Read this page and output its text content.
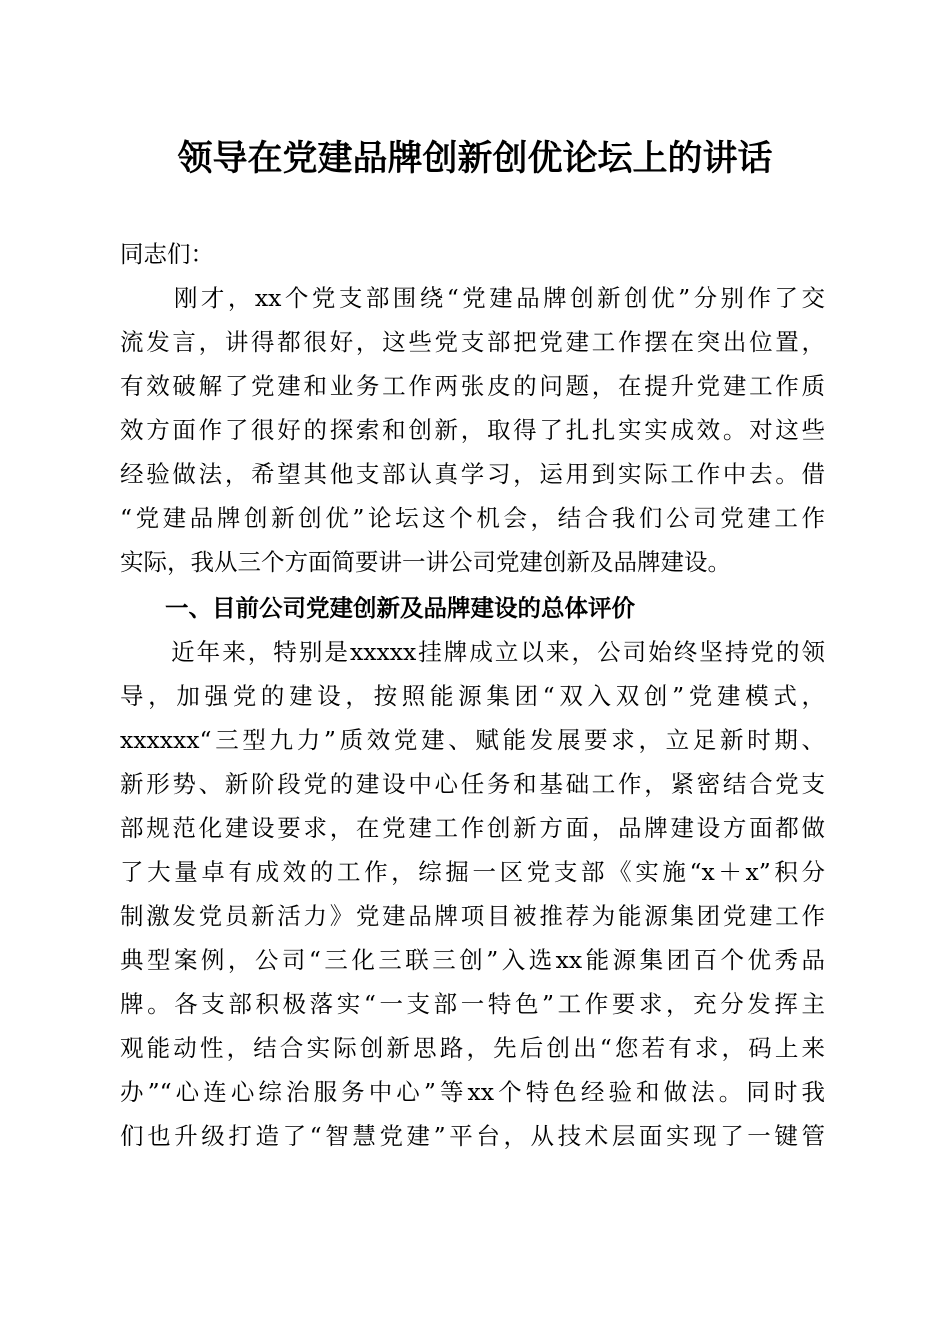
领导在党建品牌创新创优论坛上的讲话
同志们：
　　刚才，xx个党支部围绕“党建品牌创新创优”分别作了交
流发言，讲得都很好，这些党支部把党建工作摆在突出位置，
有效破解了党建和业务工作两张皮的问题，在提升党建工作质
效方面作了很好的探索和创新，取得了扎扎实实成效。对这些
经验做法，希望其他支部认真学习，运用到实际工作中去。借
“党建品牌创新创优”论坛这个机会，结合我们公司党建工作
实际，我从三个方面简要讲一讲公司党建创新及品牌建设。
一、目前公司党建创新及品牌建设的总体评价
　　近年来，特别是xxxxx挂牌成立以来，公司始终坚持党的领
导，加强党的建设，按照能源集团“双入双创”党建模式，
xxxxxx“三型九力”质效党建、赋能发展要求，立足新时期、
新形势、新阶段党的建设中心任务和基础工作，紧密结合党支
部规范化建设要求，在党建工作创新方面，品牌建设方面都做
了大量卓有成效的工作，综掘一区党支部《实施“x＋x”积分
制激发党员新活力》党建品牌项目被推荐为能源集团党建工作
典型案例，公司“三化三联三创”入选xx能源集团百个优秀品
牌。各支部积极落实“一支部一特色”工作要求，充分发挥主
观能动性，结合实际创新思路，先后创出“您若有求，码上来
办”“心连心综治服务中心”等xx个特色经验和做法。同时我
们也升级打造了“智慧党建”平台，从技术层面实现了一键管
